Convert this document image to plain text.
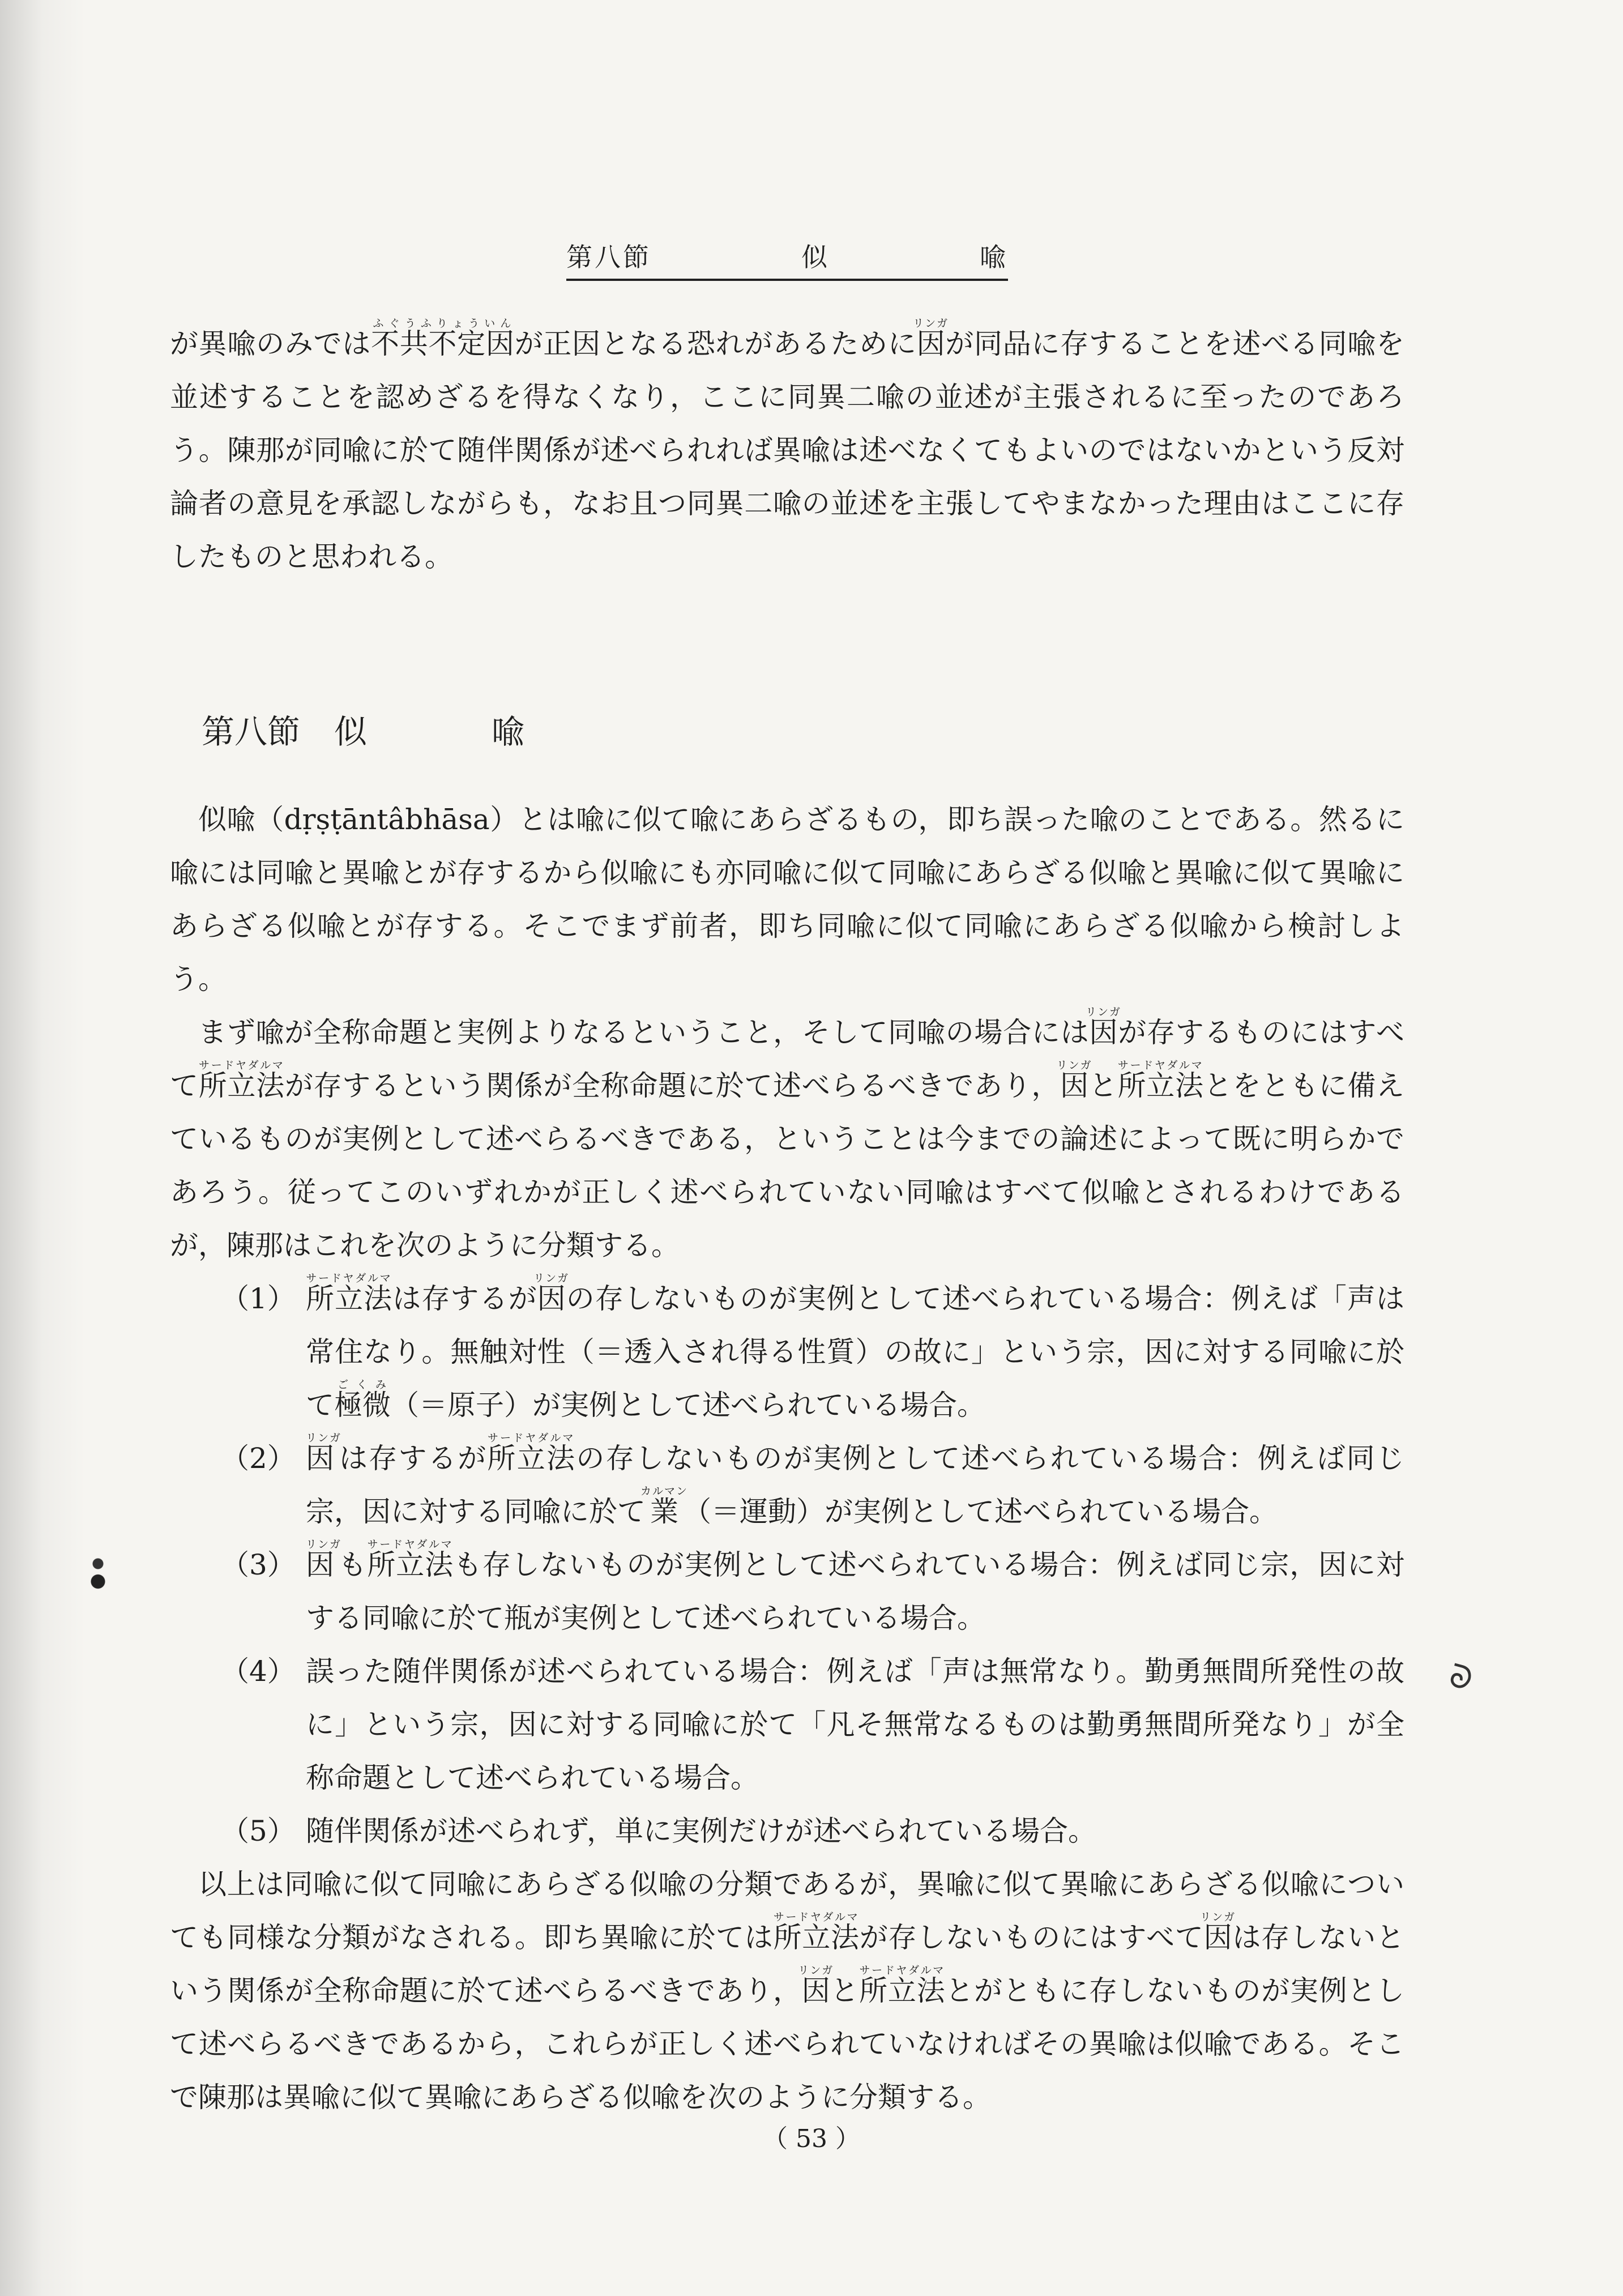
第八節	似	喩

が異喩のみでは不共不定因ふぐうふりょういんが正因となる恐れがあるために因リンガが同品に存することを述べる同喩を並述することを認めざるを得なくなり，ここに同異二喩の並述が主張されるに至ったのであろう。陳那が同喩に於て随伴関係が述べられれば異喩は述べなくてもよいのではないかという反対論者の意見を承認しながらも，なお且つ同異二喩の並述を主張してやまなかった理由はここに存したものと思われる。

第八節 似喩

似喩（dṛṣṭāntâbhāsa）とは喩に似て喩にあらざるもの，即ち誤った喩のことである。然るに喩には同喩と異喩とが存するから似喩にも亦同喩に似て同喩にあらざる似喩と異喩に似て異喩にあらざる似喩とが存する。そこでまず前者，即ち同喩に似て同喩にあらざる似喩から検討しよう。

まず喩が全称命題と実例よりなるということ，そして同喩の場合には因リンガが存するものにはすべて所立法サードヤダルマが存するという関係が全称命題に於て述べらるべきであり，因リンガと所立法サードヤダルマとをともに備えているものが実例として述べらるべきである，ということは今までの論述によって既に明らかであろう。従ってこのいずれかが正しく述べられていない同喩はすべて似喩とされるわけであるが，陳那はこれを次のように分類する。

（1） 所立法サードヤダルマは存するが因リンガの存しないものが実例として述べられている場合：例えば「声は常住なり。無触対性（＝透入され得る性質）の故に」という宗，因に対する同喩に於て極微ごくみ（＝原子）が実例として述べられている場合。
（2） 因リンガは存するが所立法サードヤダルマの存しないものが実例として述べられている場合：例えば同じ宗，因に対する同喩に於て業カルマン（＝運動）が実例として述べられている場合。
（3） 因リンガも所立法サードヤダルマも存しないものが実例として述べられている場合：例えば同じ宗，因に対する同喩に於て瓶が実例として述べられている場合。
（4） 誤った随伴関係が述べられている場合：例えば「声は無常なり。勤勇無間所発性の故に」という宗，因に対する同喩に於て「凡そ無常なるものは勤勇無間所発なり」が全称命題として述べられている場合。
（5） 随伴関係が述べられず，単に実例だけが述べられている場合。

以上は同喩に似て同喩にあらざる似喩の分類であるが，異喩に似て異喩にあらざる似喩についても同様な分類がなされる。即ち異喩に於ては所立法サードヤダルマが存しないものにはすべて因リンガは存しないという関係が全称命題に於て述べらるべきであり，因リンガと所立法サードヤダルマとがともに存しないものが実例として述べらるべきであるから，これらが正しく述べられていなければその異喩は似喩である。そこで陳那は異喩に似て異喩にあらざる似喩を次のように分類する。

ᘐ
（ 53 ）
